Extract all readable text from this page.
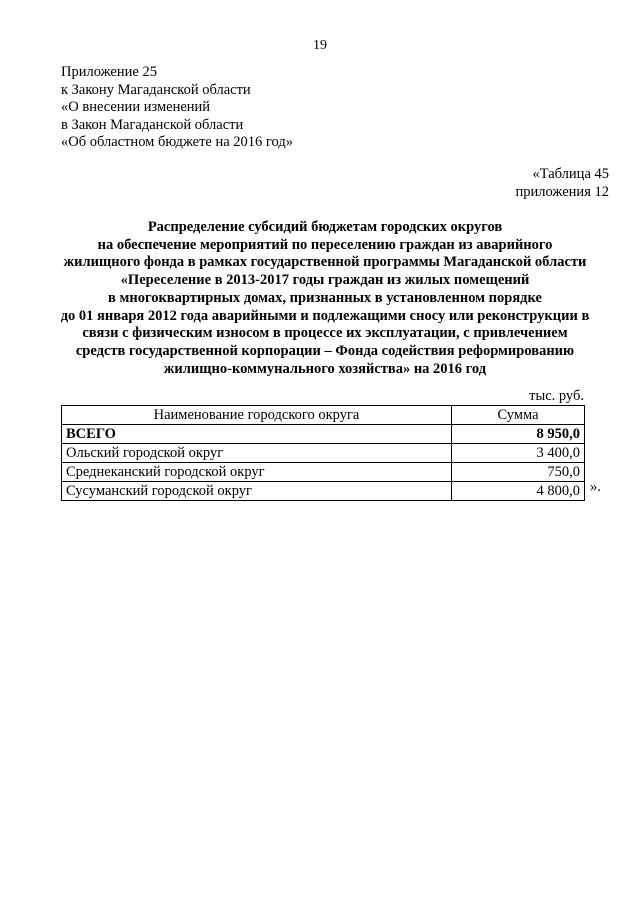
19
Приложение 25
к Закону Магаданской области
«О внесении изменений
в Закон Магаданской области
«Об областном бюджете на 2016 год»
«Таблица 45
приложения 12
Распределение субсидий бюджетам городских округов
на обеспечение мероприятий по переселению граждан из аварийного
жилищного фонда в рамках государственной программы Магаданской области
«Переселение в 2013-2017 годы граждан из жилых помещений
в многоквартирных домах, признанных в установленном порядке
до 01 января 2012 года аварийными и подлежащими сносу или реконструкции в
связи с физическим износом в процессе их эксплуатации, с привлечением
средств государственной корпорации – Фонда содействия реформированию
жилищно-коммунального хозяйства» на 2016 год
тыс. руб.
Наименование городского округа	Сумма
ВСЕГО	8 950,0
Ольский городской округ	3 400,0
Среднеканский городской округ	750,0
Сусуманский городской округ	4 800,0 ».
